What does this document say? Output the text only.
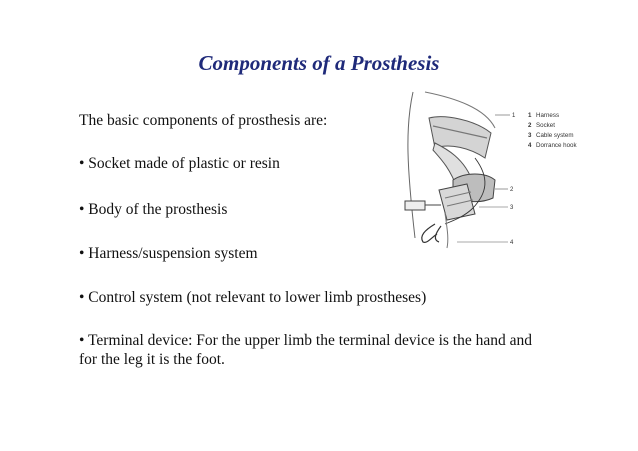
Components of a Prosthesis
The basic components of prosthesis are:
• Socket made of plastic or resin
• Body of the prosthesis
• Harness/suspension system
• Control system (not relevant to lower limb prostheses)
• Terminal device: For the upper limb the terminal device is the hand and for the leg it is the foot.
1
2
3
4
1 Harness
2 Socket
3 Cable system
4 Dorrance hook
